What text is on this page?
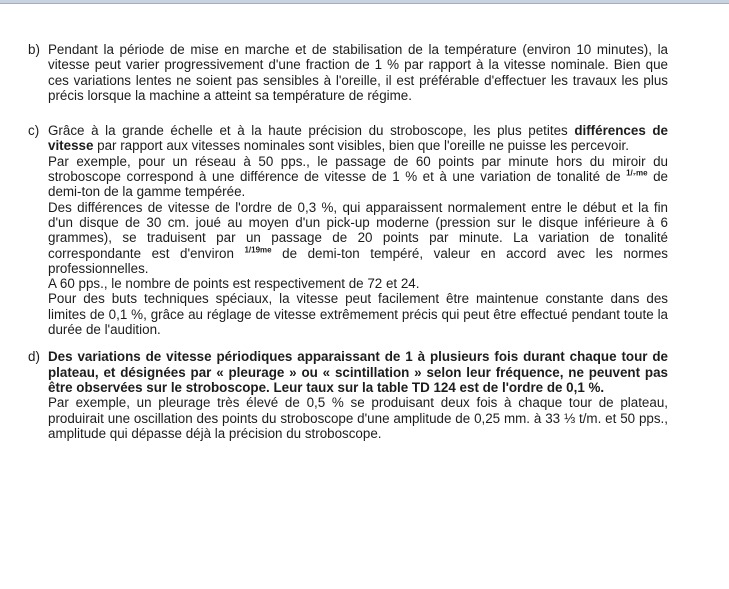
b) Pendant la période de mise en marche et de stabilisation de la température (environ 10 minutes), la vitesse peut varier progressivement d'une fraction de 1 % par rapport à la vitesse nominale. Bien que ces variations lentes ne soient pas sensibles à l'oreille, il est préférable d'effectuer les travaux les plus précis lorsque la machine a atteint sa température de régime.

c) Grâce à la grande échelle et à la haute précision du stroboscope, les plus petites différences de vitesse par rapport aux vitesses nominales sont visibles, bien que l'oreille ne puisse les percevoir.

Par exemple, pour un réseau à 50 pps., le passage de 60 points par minute hors du miroir du stroboscope correspond à une différence de vitesse de 1 % et à une variation de tonalité de $^{1/_7me}$ de demi-ton de la gamme tempérée.

Des différences de vitesse de l'ordre de 0,3 %, qui apparaissent normalement entre le début et la fin d'un disque de 30 cm. joué au moyen d'un pick-up moderne (pression sur le disque inférieure à 6 grammes), se traduisent par un passage de 20 points par minute. La variation de tonalité correspondante est d'environ $^{1/19me}$ de demi-ton tempéré, valeur en accord avec les normes professionnelles.

A 60 pps., le nombre de points est respectivement de 72 et 24.

Pour des buts techniques spéciaux, la vitesse peut facilement être maintenue constante dans des limites de 0,1 %, grâce au réglage de vitesse extrêmement précis qui peut être effectué pendant toute la durée de l'audition.

d) Des variations de vitesse périodiques apparaissant de 1 à plusieurs fois durant chaque tour de plateau, et désignées par « pleurage » ou « scintillation » selon leur fréquence, ne peuvent pas être observées sur le stroboscope. Leur taux sur la table TD 124 est de l'ordre de 0,1 %.

Par exemple, un pleurage très élevé de 0,5 % se produisant deux fois à chaque tour de plateau, produirait une oscillation des points du stroboscope d'une amplitude de 0,25 mm. à 33 ⅓ t/m. et 50 pps., amplitude qui dépasse déjà la précision du stroboscope.
